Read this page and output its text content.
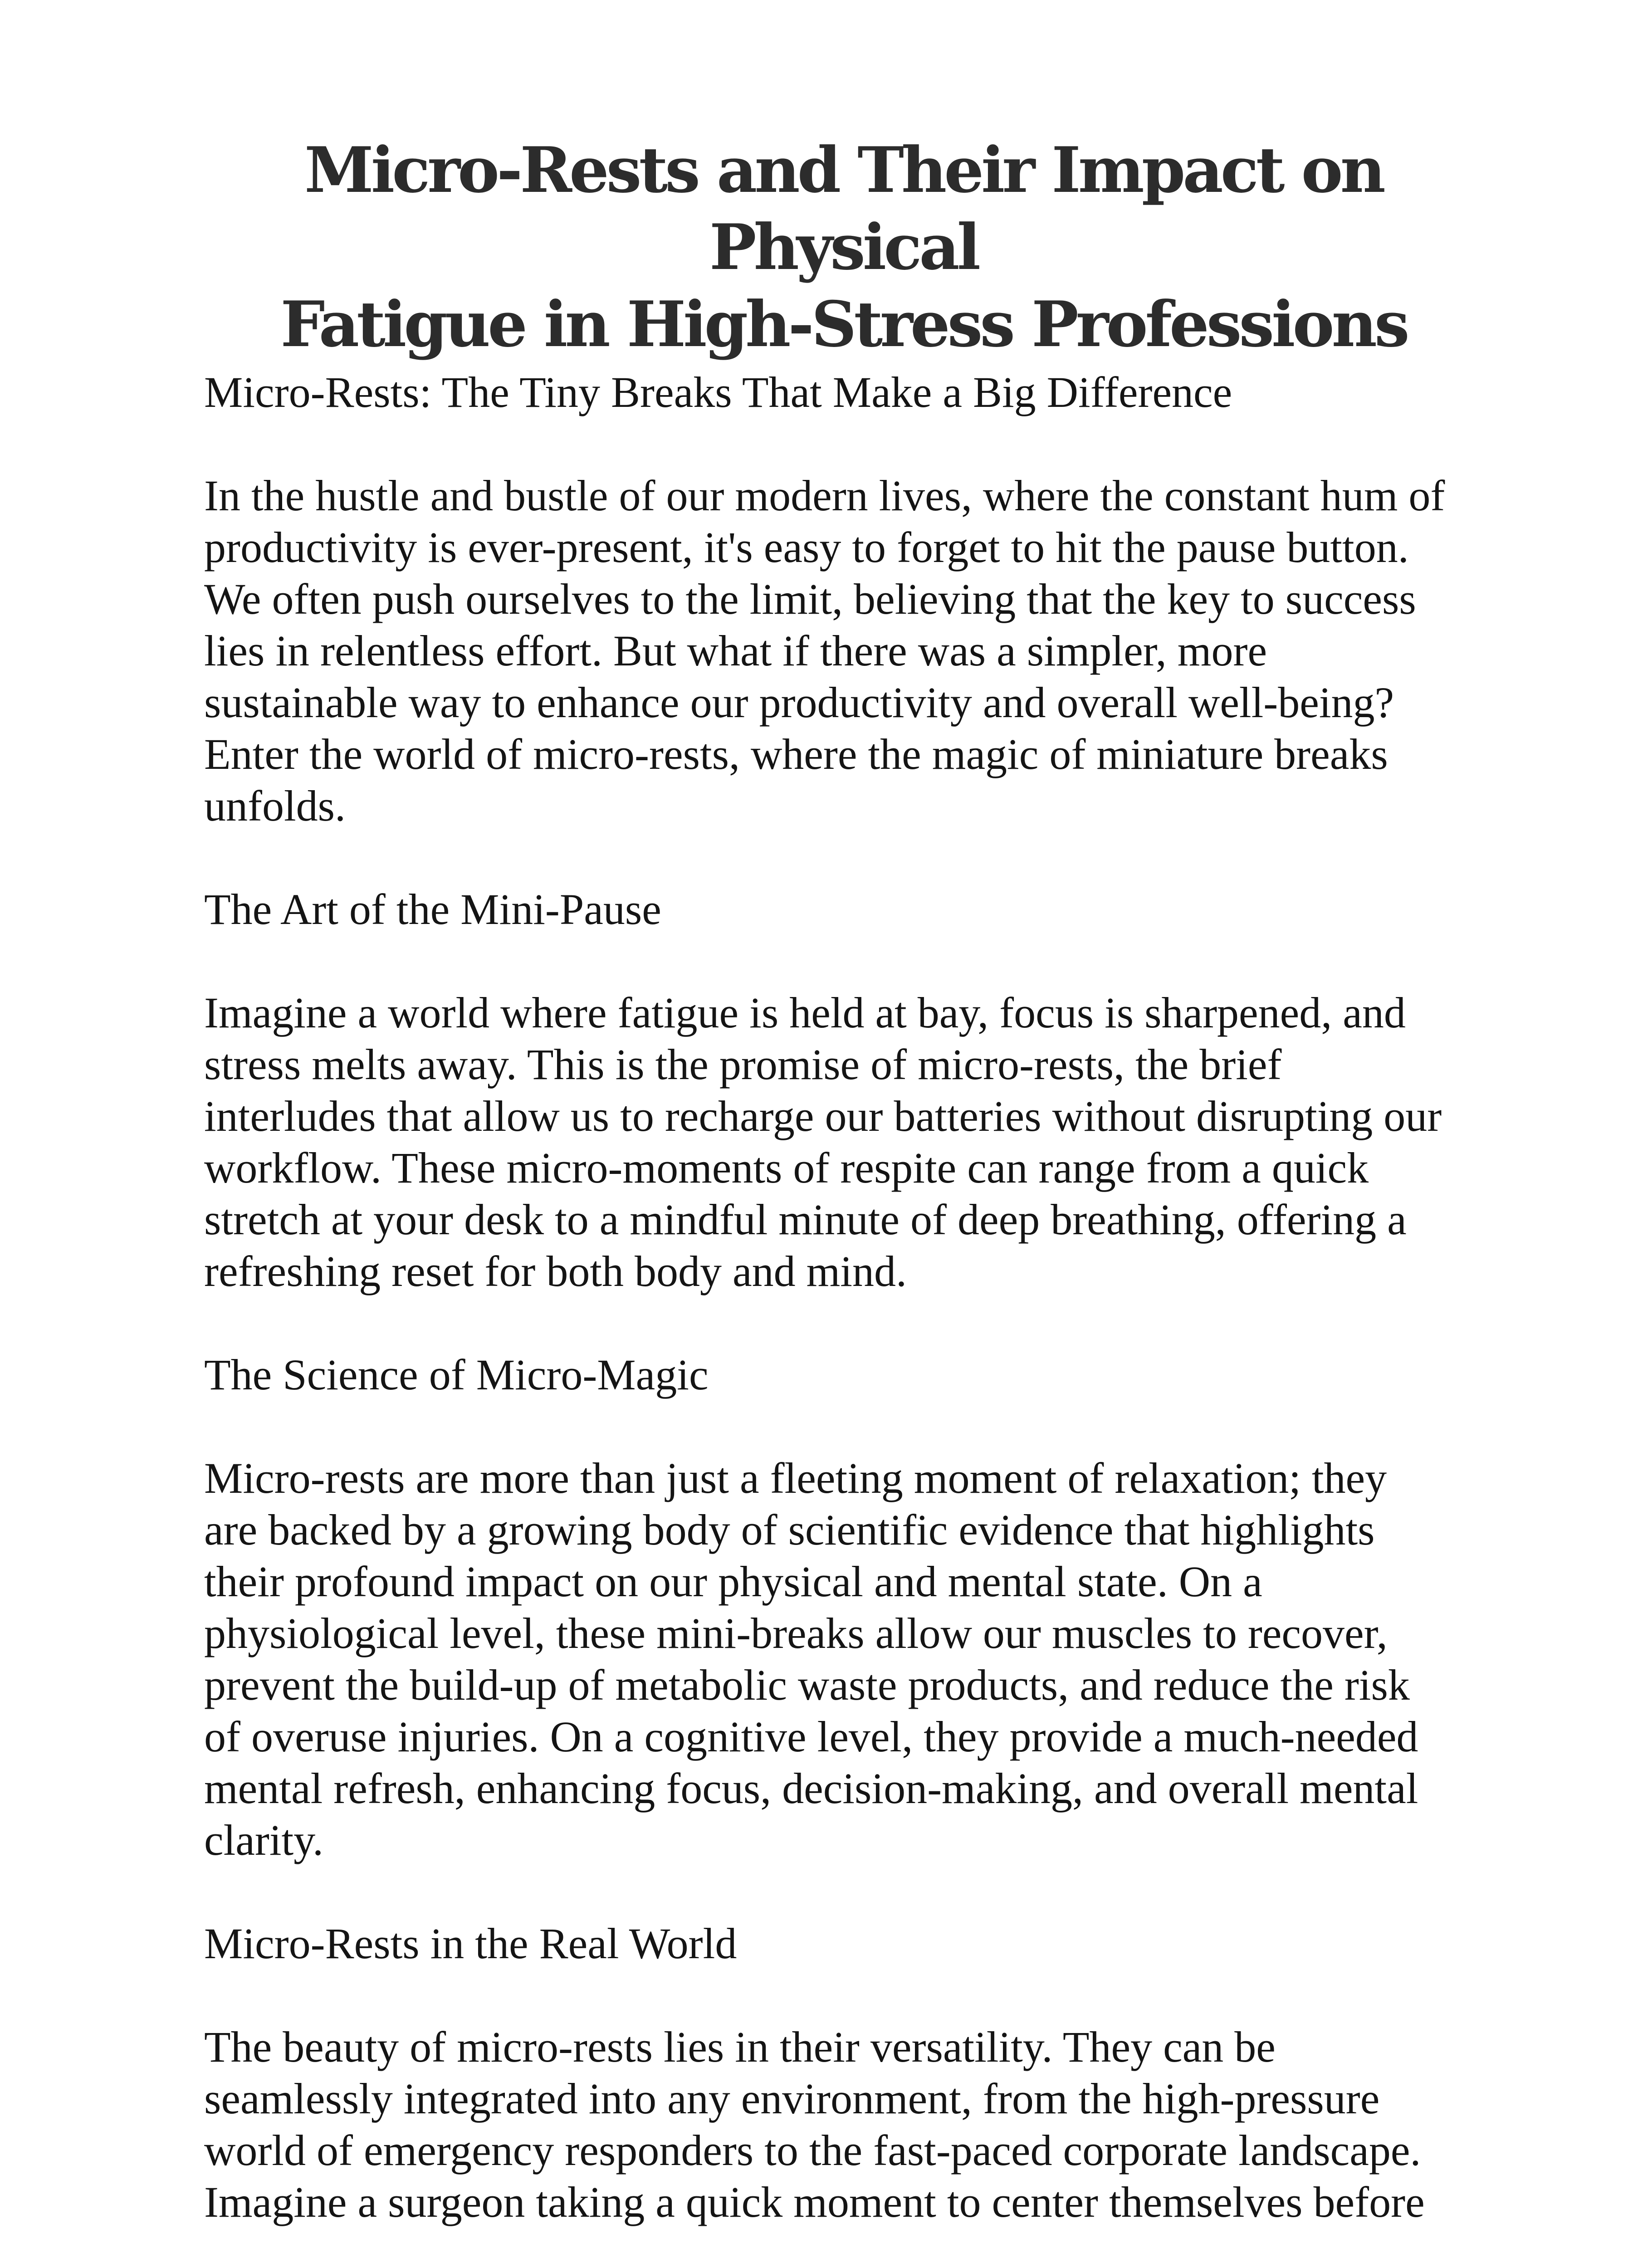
Micro-Rests and Their Impact on Physical
Fatigue in High-Stress Professions

Micro-Rests: The Tiny Breaks That Make a Big Difference

In the hustle and bustle of our modern lives, where the constant hum of
productivity is ever-present, it's easy to forget to hit the pause button.
We often push ourselves to the limit, believing that the key to success
lies in relentless effort. But what if there was a simpler, more
sustainable way to enhance our productivity and overall well-being?
Enter the world of micro-rests, where the magic of miniature breaks
unfolds.

The Art of the Mini-Pause

Imagine a world where fatigue is held at bay, focus is sharpened, and
stress melts away. This is the promise of micro-rests, the brief
interludes that allow us to recharge our batteries without disrupting our
workflow. These micro-moments of respite can range from a quick
stretch at your desk to a mindful minute of deep breathing, offering a
refreshing reset for both body and mind.

The Science of Micro-Magic

Micro-rests are more than just a fleeting moment of relaxation; they
are backed by a growing body of scientific evidence that highlights
their profound impact on our physical and mental state. On a
physiological level, these mini-breaks allow our muscles to recover,
prevent the build-up of metabolic waste products, and reduce the risk
of overuse injuries. On a cognitive level, they provide a much-needed
mental refresh, enhancing focus, decision-making, and overall mental
clarity.

Micro-Rests in the Real World

The beauty of micro-rests lies in their versatility. They can be
seamlessly integrated into any environment, from the high-pressure
world of emergency responders to the fast-paced corporate landscape.
Imagine a surgeon taking a quick moment to center themselves before
